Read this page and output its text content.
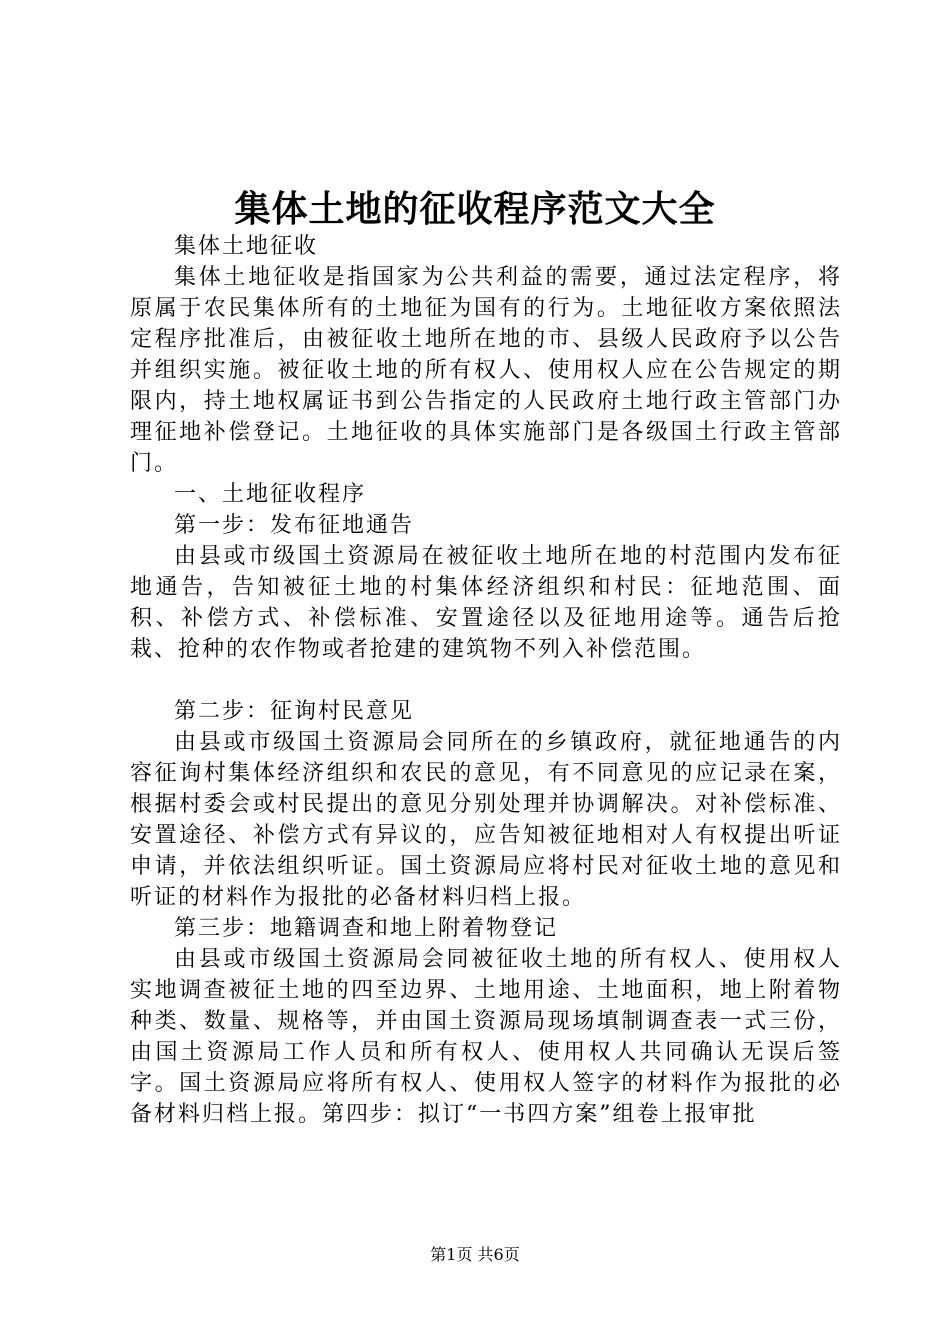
集体土地的征收程序范文大全

集体土地征收

集体土地征收是指国家为公共利益的需要，通过法定程序，将原属于农民集体所有的土地征为国有的行为。土地征收方案依照法定程序批准后，由被征收土地所在地的市、县级人民政府予以公告并组织实施。被征收土地的所有权人、使用权人应在公告规定的期限内，持土地权属证书到公告指定的人民政府土地行政主管部门办理征地补偿登记。土地征收的具体实施部门是各级国土行政主管部门。

一、土地征收程序

第一步：发布征地通告

由县或市级国土资源局在被征收土地所在地的村范围内发布征地通告，告知被征土地的村集体经济组织和村民：征地范围、面积、补偿方式、补偿标准、安置途径以及征地用途等。通告后抢栽、抢种的农作物或者抢建的建筑物不列入补偿范围。

第二步：征询村民意见

由县或市级国土资源局会同所在的乡镇政府，就征地通告的内容征询村集体经济组织和农民的意见，有不同意见的应记录在案，根据村委会或村民提出的意见分别处理并协调解决。对补偿标准、安置途径、补偿方式有异议的，应告知被征地相对人有权提出听证申请，并依法组织听证。国土资源局应将村民对征收土地的意见和听证的材料作为报批的必备材料归档上报。

第三步：地籍调查和地上附着物登记

由县或市级国土资源局会同被征收土地的所有权人、使用权人实地调查被征土地的四至边界、土地用途、土地面积，地上附着物种类、数量、规格等，并由国土资源局现场填制调查表一式三份，由国土资源局工作人员和所有权人、使用权人共同确认无误后签字。国土资源局应将所有权人、使用权人签字的材料作为报批的必备材料归档上报。第四步：拟订“一书四方案”组卷上报审批

第1页 共6页
